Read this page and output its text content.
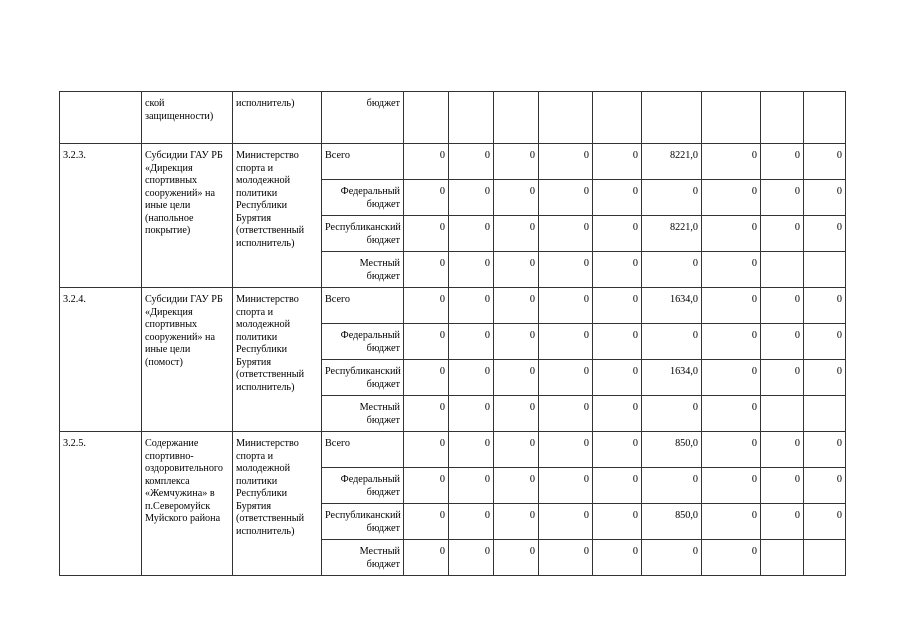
	ской защищенности)	исполнитель)	бюджет									
3.2.3.	Субсидии ГАУ РБ «Дирекция спортивных сооружений» на иные цели (напольное покрытие)	Министерство спорта и молодежной политики Республики Бурятия (ответственный исполнитель)	Всего	0	0	0	0	0	8221,0	0	0	0
			Федеральный бюджет	0	0	0	0	0	0	0	0	0
			Республиканский бюджет	0	0	0	0	0	8221,0	0	0	0
			Местный бюджет	0	0	0	0	0	0	0		
3.2.4.	Субсидии ГАУ РБ «Дирекция спортивных сооружений» на иные цели (помост)	Министерство спорта и молодежной политики Республики Бурятия (ответственный исполнитель)	Всего	0	0	0	0	0	1634,0	0	0	0
			Федеральный бюджет	0	0	0	0	0	0	0	0	0
			Республиканский бюджет	0	0	0	0	0	1634,0	0	0	0
			Местный бюджет	0	0	0	0	0	0	0		
3.2.5.	Содержание спортивно-оздоровительного комплекса «Жемчужина» в п.Северомуйск Муйского района	Министерство спорта и молодежной политики Республики Бурятия (ответственный исполнитель)	Всего	0	0	0	0	0	850,0	0	0	0
			Федеральный бюджет	0	0	0	0	0	0	0	0	0
			Республиканский бюджет	0	0	0	0	0	850,0	0	0	0
			Местный бюджет	0	0	0	0	0	0	0		
